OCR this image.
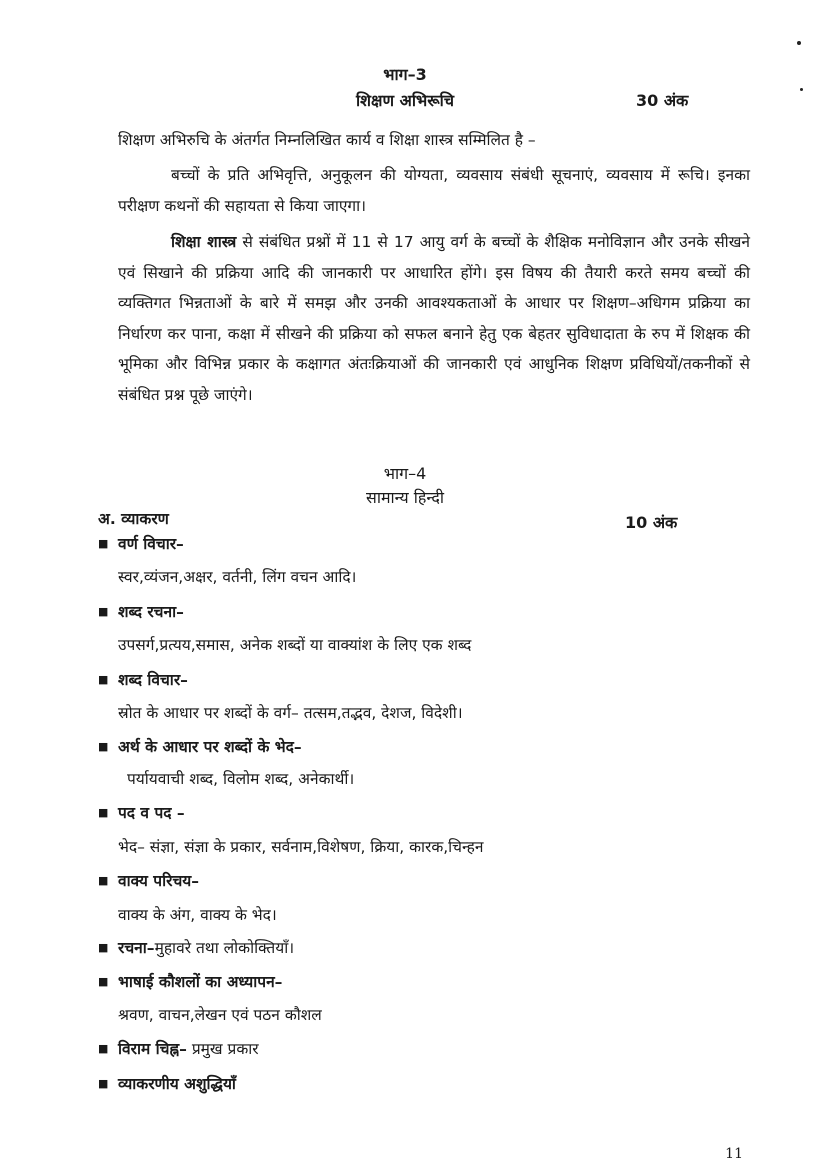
भाग–3
शिक्षण अभिरूचि	30 अंक
शिक्षण अभिरुचि के अंतर्गत निम्नलिखित कार्य व शिक्षा शास्त्र सम्मिलित है –
बच्चों के प्रति अभिवृत्ति, अनुकूलन की योग्यता, व्यवसाय संबंधी सूचनाएं, व्यवसाय में रूचि। इनका परीक्षण कथनों की सहायता से किया जाएगा।
शिक्षा शास्त्र से संबंधित प्रश्नों में 11 से 17 आयु वर्ग के बच्चों के शैक्षिक मनोविज्ञान और उनके सीखने एवं सिखाने की प्रक्रिया आदि की जानकारी पर आधारित होंगे। इस विषय की तैयारी करते समय बच्चों की व्यक्तिगत भिन्नताओं के बारे में समझ और उनकी आवश्यकताओं के आधार पर शिक्षण–अधिगम प्रक्रिया का निर्धारण कर पाना, कक्षा में सीखने की प्रक्रिया को सफल बनाने हेतु एक बेहतर सुविधादाता के रुप में शिक्षक की भूमिका और विभिन्न प्रकार के कक्षागत अंतःक्रियाओं की जानकारी एवं आधुनिक शिक्षण प्रविधियों/तकनीकों से संबंधित प्रश्न पूछे जाएंगे।
भाग–4
सामान्य हिन्दी
अ. व्याकरण	10 अंक
■ वर्ण विचार–
स्वर,व्यंजन,अक्षर, वर्तनी, लिंग वचन आदि।
■ शब्द रचना–
उपसर्ग,प्रत्यय,समास, अनेक शब्दों या वाक्यांश के लिए एक शब्द
■ शब्द विचार–
स्रोत के आधार पर शब्दों के वर्ग– तत्सम,तद्भव, देशज, विदेशी।
■ अर्थ के आधार पर शब्दों के भेद–
पर्यायवाची शब्द, विलोम शब्द, अनेकार्थी।
■ पद व पद –
भेद– संज्ञा, संज्ञा के प्रकार, सर्वनाम,विशेषण, क्रिया, कारक,चिन्हन
■ वाक्य परिचय–
वाक्य के अंग, वाक्य के भेद।
■ रचना–मुहावरे तथा लोकोक्तियाँ।
■ भाषाई कौशलों का अध्यापन–
श्रवण, वाचन,लेखन एवं पठन कौशल
■ विराम चिह्न– प्रमुख प्रकार
■ व्याकरणीय अशुद्धियाँ
11
